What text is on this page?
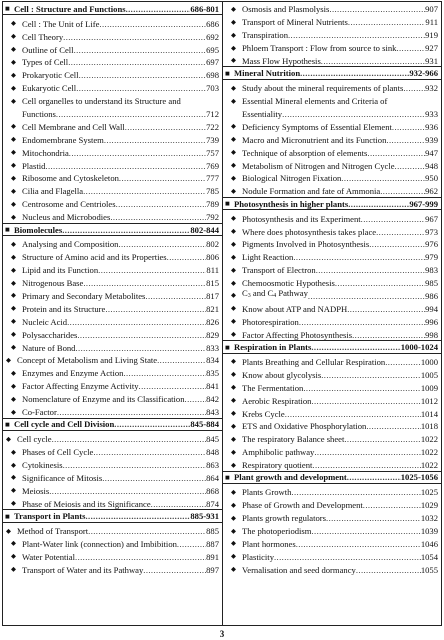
■ Cell : Structure and Functions .....	686-801
◆ Cell : The Unit of Life .....	686
◆ Cell Theory .....	692
◆ Outline of Cell .....	695
◆ Types of Cell .....	697
◆ Prokaryotic Cell .....	698
◆ Eukaryotic Cell .....	703
◆ Cell organelles to understand its Structure and
Functions .....	712
◆ Cell Membrane and Cell Wall .....	722
◆ Endomembrane System .....	739
◆ Mitochondria .....	757
◆ Plastid .....	769
◆ Ribosome and Cytoskeleton .....	777
◆ Cilia and Flagella .....	785
◆ Centrosome and Centrioles .....	789
◆ Nucleus and Microbodies .....	792
■ Biomolecules .....	802-844
◆ Analysing and Composition .....	802
◆ Structure of Amino acid and its Properties .....	806
◆ Lipid and its Function .....	811
◆ Nitrogenous Base .....	815
◆ Primary and Secondary Metabolites .....	817
◆ Protein and its Structure .....	821
◆ Nucleic Acid .....	826
◆ Polysaccharides .....	829
◆ Nature of Bond .....	833
◆ Concept of Metabolism and Living State .....	834
◆ Enzymes and Enzyme Action .....	835
◆ Factor Affecting Enzyme Activity .....	841
◆ Nomenclature of Enzyme and its Classification .....	842
◆ Co-Factor .....	843
■ Cell cycle and Cell Division .....	845-884
◆ Cell cycle .....	845
◆ Phases of Cell Cycle .....	848
◆ Cytokinesis .....	863
◆ Significance of Mitosis .....	864
◆ Meiosis .....	868
◆ Phase of Meiosis and its Significance .....	874
■ Transport in Plants .....	885-931
◆ Method of Transport .....	885
◆ Plant-Water link (connection) and Imbibition .....	887
◆ Water Potential .....	891
◆ Transport of Water and its Pathway .....	897
◆ Osmosis and Plasmolysis .....	907
◆ Transport of Mineral Nutrients .....	911
◆ Transpiration .....	919
◆ Phloem Transport : Flow from source to sink .....	927
◆ Mass Flow Hypothesis .....	931
■ Mineral Nutrition .....	932-966
◆ Study about the mineral requirements of plants .....	932
◆ Essential Mineral elements and Criteria of
Essentiality .....	933
◆ Deficiency Symptoms of Essential Element .....	936
◆ Macro and Micronutrient and its Function .....	939
◆ Technique of absorption of elements .....	947
◆ Metabolism of Nitrogen and Nitrogen Cycle .....	948
◆ Biological Nitrogen Fixation .....	950
◆ Nodule Formation and fate of Ammonia .....	962
■ Photosynthesis in higher plants .....	967-999
◆ Photosynthesis and its Experiment .....	967
◆ Where does photosynthesis takes place .....	973
◆ Pigments Involved in Photosynthesis .....	976
◆ Light Reaction .....	979
◆ Transport of Electron .....	983
◆ Chemoosmotic Hypothesis .....	985
◆ $C_3$ and $C_4$ Pathway .....	986
◆ Know about ATP and NADPH .....	994
◆ Photorespiration .....	996
◆ Factor Affecting Photosynthesis .....	998
■ Respiration in Plants .....	1000-1024
◆ Plants Breathing and Cellular Respiration .....	1000
◆ Know about glycolysis .....	1005
◆ The Fermentation .....	1009
◆ Aerobic Respiration .....	1012
◆ Krebs Cycle .....	1014
◆ ETS and Oxidative Phosphorylation .....	1018
◆ The respiratory Balance sheet .....	1022
◆ Amphibolic pathway .....	1022
◆ Respiratory quotient .....	1022
■ Plant growth and development .....	1025-1056
◆ Plants Growth .....	1025
◆ Phase of Growth and Development .....	1029
◆ Plants growth regulators .....	1032
◆ The photoperiodism .....	1039
◆ Plant hormones .....	1046
◆ Plasticity .....	1054
◆ Vernalisation and seed dormancy .....	1055
3
